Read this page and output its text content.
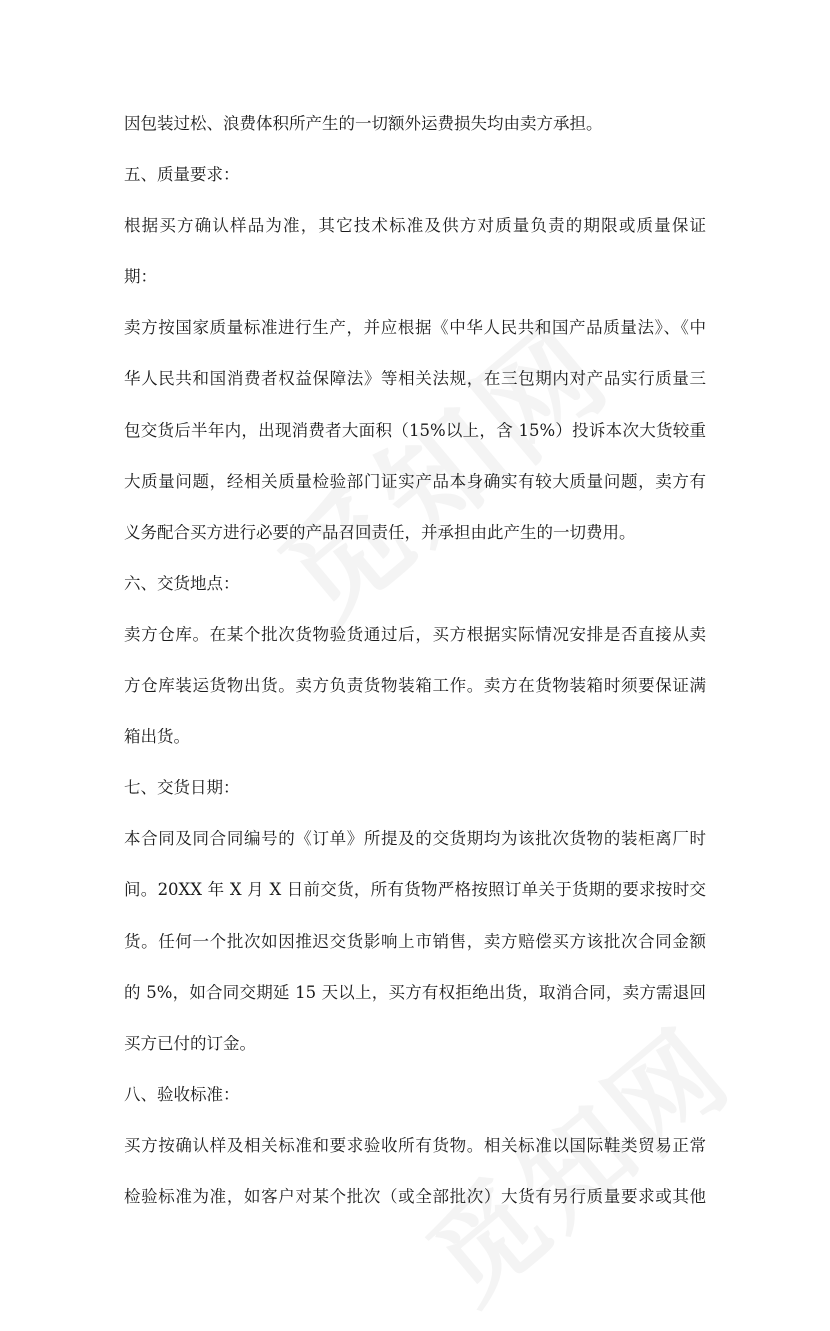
因包装过松、浪费体积所产生的一切额外运费损失均由卖方承担。
五、质量要求：
根据买方确认样品为准，其它技术标准及供方对质量负责的期限或质量保证
期：
卖方按国家质量标准进行生产，并应根据《中华人民共和国产品质量法》、《中
华人民共和国消费者权益保障法》等相关法规，在三包期内对产品实行质量三
包交货后半年内，出现消费者大面积（15%以上，含 15%）投诉本次大货较重
大质量问题，经相关质量检验部门证实产品本身确实有较大质量问题，卖方有
义务配合买方进行必要的产品召回责任，并承担由此产生的一切费用。
六、交货地点：
卖方仓库。在某个批次货物验货通过后，买方根据实际情况安排是否直接从卖
方仓库装运货物出货。卖方负责货物装箱工作。卖方在货物装箱时须要保证满
箱出货。
七、交货日期：
本合同及同合同编号的《订单》所提及的交货期均为该批次货物的装柜离厂时
间。20XX 年 X 月 X 日前交货，所有货物严格按照订单关于货期的要求按时交
货。任何一个批次如因推迟交货影响上市销售，卖方赔偿买方该批次合同金额
的 5%，如合同交期延 15 天以上，买方有权拒绝出货，取消合同，卖方需退回
买方已付的订金。
八、验收标准：
买方按确认样及相关标准和要求验收所有货物。相关标准以国际鞋类贸易正常
检验标准为准，如客户对某个批次（或全部批次）大货有另行质量要求或其他
